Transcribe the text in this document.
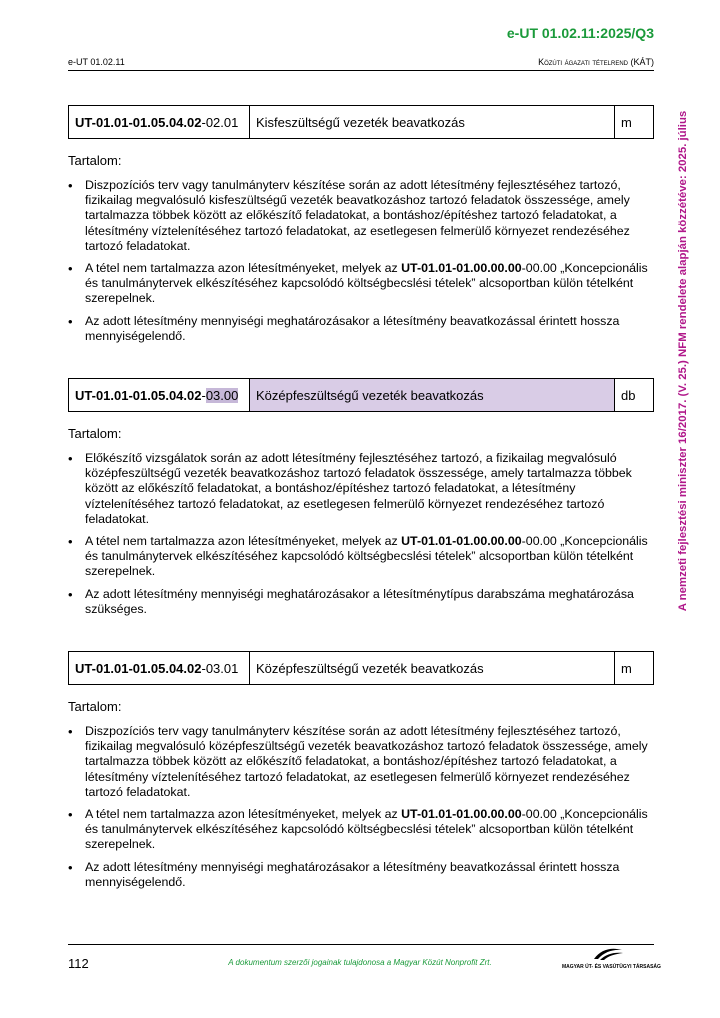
e-UT 01.02.11:2025/Q3
e-UT 01.02.11	Közúti ágazati tételrend (KÁT)
A nemzeti fejlesztési miniszter 16/2017. (V. 25.) NFM rendelete alapján közzétéve: 2025. július
UT-01.01-01.05.04.02-02.01	Kisfeszültségű vezeték beavatkozás	m
Tartalom:
• Diszpozíciós terv vagy tanulmányterv készítése során az adott létesítmény fejlesztéséhez tartozó, fizikailag megvalósuló kisfeszültségű vezeték beavatkozáshoz tartozó feladatok összessége, amely tartalmazza többek között az előkészítő feladatokat, a bontáshoz/építéshez tartozó feladatokat, a létesítmény víztelenítéséhez tartozó feladatokat, az esetlegesen felmerülő környezet rendezéséhez tartozó feladatokat.
• A tétel nem tartalmazza azon létesítményeket, melyek az UT-01.01-01.00.00.00-00.00 „Koncepcionális és tanulmánytervek elkészítéséhez kapcsolódó költségbecslési tételek” alcsoportban külön tételként szerepelnek.
• Az adott létesítmény mennyiségi meghatározásakor a létesítmény beavatkozással érintett hossza mennyiségelendő.
UT-01.01-01.05.04.02-03.00	Középfeszültségű vezeték beavatkozás	db
Tartalom:
• Előkészítő vizsgálatok során az adott létesítmény fejlesztéséhez tartozó, a fizikailag megvalósuló középfeszültségű vezeték beavatkozáshoz tartozó feladatok összessége, amely tartalmazza többek között az előkészítő feladatokat, a bontáshoz/építéshez tartozó feladatokat, a létesítmény víztelenítéséhez tartozó feladatokat, az esetlegesen felmerülő környezet rendezéséhez tartozó feladatokat.
• A tétel nem tartalmazza azon létesítményeket, melyek az UT-01.01-01.00.00.00-00.00 „Koncepcionális és tanulmánytervek elkészítéséhez kapcsolódó költségbecslési tételek” alcsoportban külön tételként szerepelnek.
• Az adott létesítmény mennyiségi meghatározásakor a létesítménytípus darabszáma meghatározása szükséges.
UT-01.01-01.05.04.02-03.01	Középfeszültségű vezeték beavatkozás	m
Tartalom:
• Diszpozíciós terv vagy tanulmányterv készítése során az adott létesítmény fejlesztéséhez tartozó, fizikailag megvalósuló középfeszültségű vezeték beavatkozáshoz tartozó feladatok összessége, amely tartalmazza többek között az előkészítő feladatokat, a bontáshoz/építéshez tartozó feladatokat, a létesítmény víztelenítéséhez tartozó feladatokat, az esetlegesen felmerülő környezet rendezéséhez tartozó feladatokat.
• A tétel nem tartalmazza azon létesítményeket, melyek az UT-01.01-01.00.00.00-00.00 „Koncepcionális és tanulmánytervek elkészítéséhez kapcsolódó költségbecslési tételek” alcsoportban külön tételként szerepelnek.
• Az adott létesítmény mennyiségi meghatározásakor a létesítmény beavatkozással érintett hossza mennyiségelendő.
112	A dokumentum szerzői jogainak tulajdonosa a Magyar Közút Nonprofit Zrt.	MAGYAR ÚT- ÉS VASÚTÜGYI TÁRSASÁG
